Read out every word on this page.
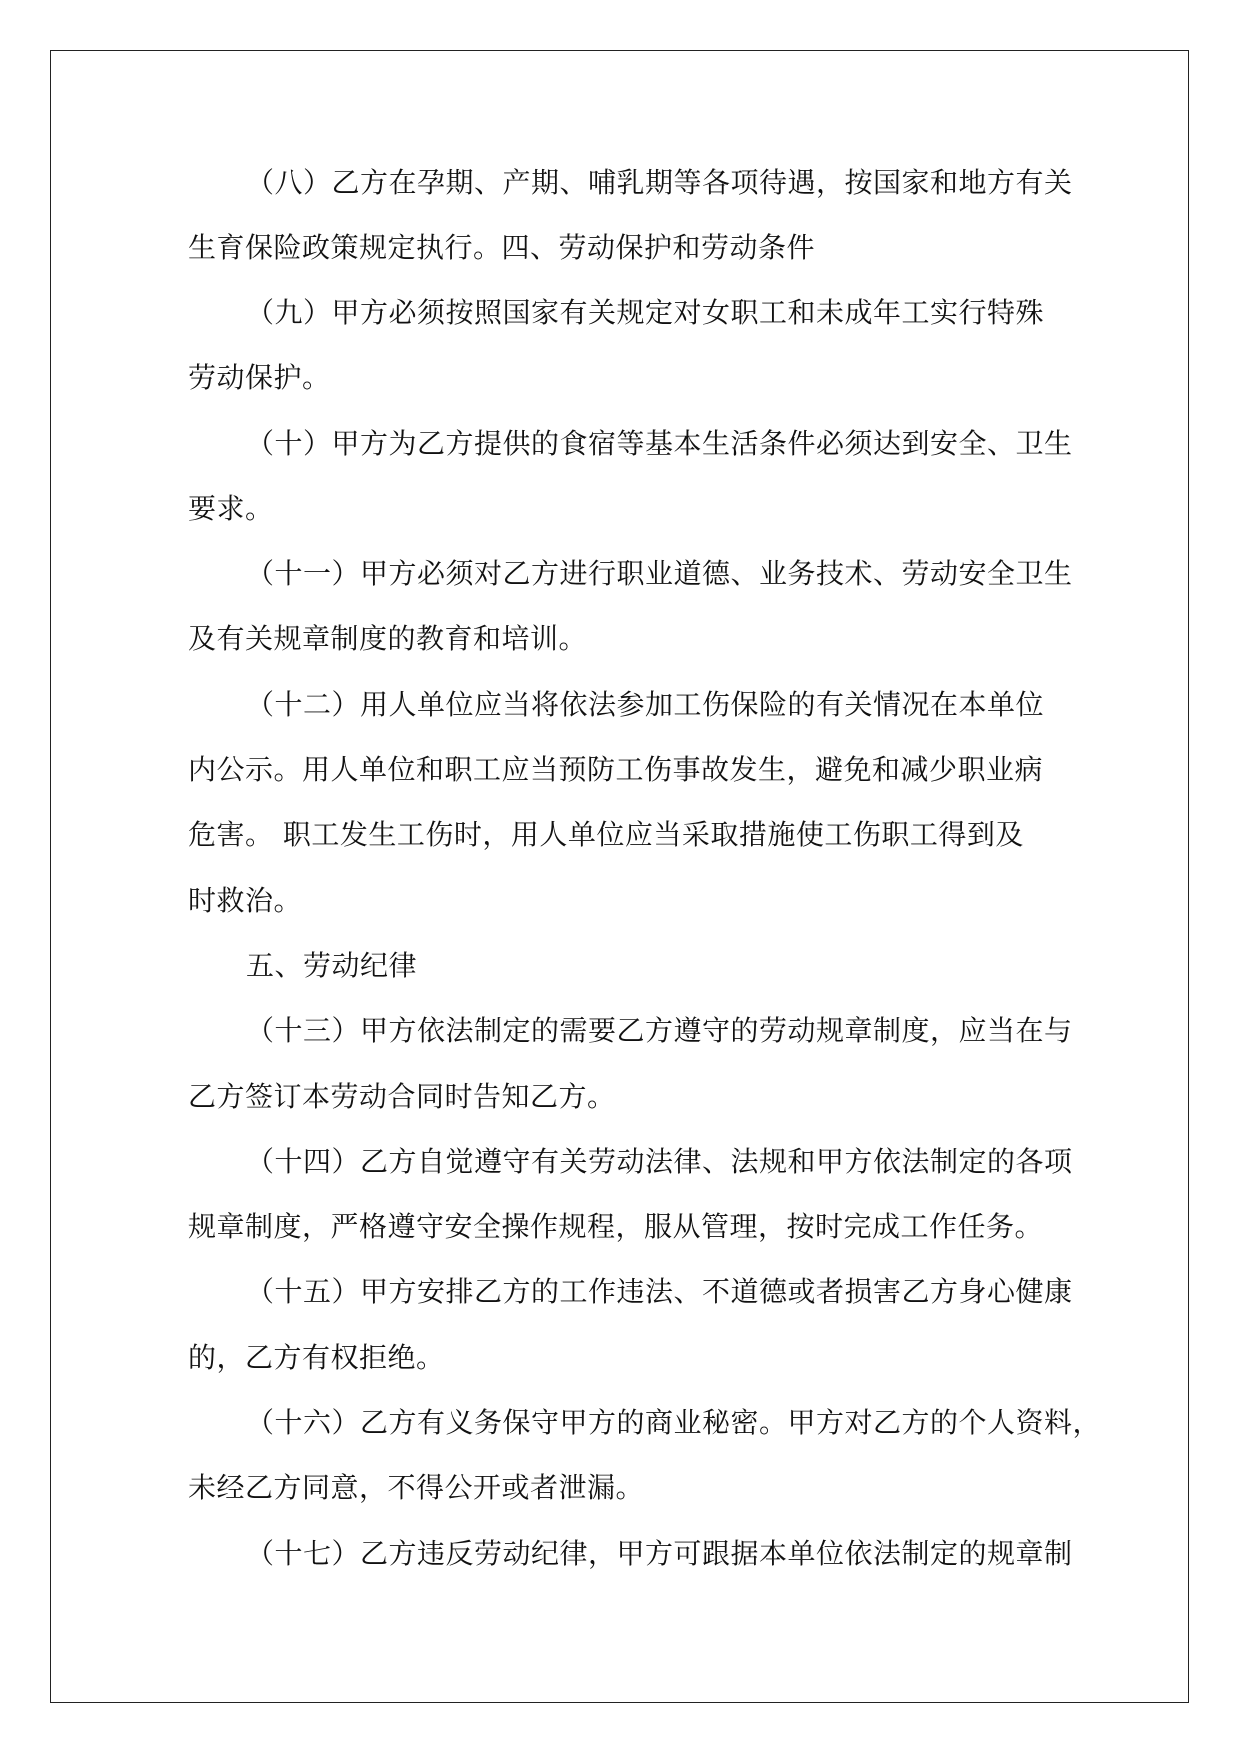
（八）乙方在孕期、产期、哺乳期等各项待遇，按国家和地方有关
生育保险政策规定执行。四、劳动保护和劳动条件
（九）甲方必须按照国家有关规定对女职工和未成年工实行特殊
劳动保护。
（十）甲方为乙方提供的食宿等基本生活条件必须达到安全、卫生
要求。
（十一）甲方必须对乙方进行职业道德、业务技术、劳动安全卫生
及有关规章制度的教育和培训。
（十二）用人单位应当将依法参加工伤保险的有关情况在本单位
内公示。用人单位和职工应当预防工伤事故发生，避免和减少职业病
危害。 职工发生工伤时，用人单位应当采取措施使工伤职工得到及
时救治。
五、劳动纪律
（十三）甲方依法制定的需要乙方遵守的劳动规章制度，应当在与
乙方签订本劳动合同时告知乙方。
（十四）乙方自觉遵守有关劳动法律、法规和甲方依法制定的各项
规章制度，严格遵守安全操作规程，服从管理，按时完成工作任务。
（十五）甲方安排乙方的工作违法、不道德或者损害乙方身心健康
的，乙方有权拒绝。
（十六）乙方有义务保守甲方的商业秘密。甲方对乙方的个人资料，
未经乙方同意，不得公开或者泄漏。
（十七）乙方违反劳动纪律，甲方可跟据本单位依法制定的规章制
